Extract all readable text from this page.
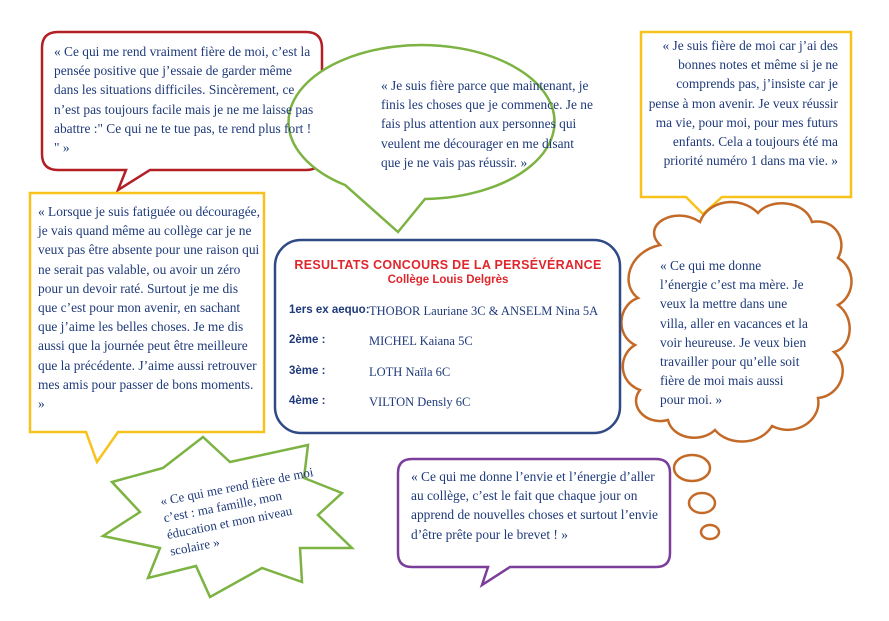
« Ce qui me rend vraiment fière de moi, c’est la pensée positive que j’essaie de garder même dans les situations difficiles. Sincèrement, ce n’est pas toujours facile mais je ne me laisse pas abattre :" Ce qui ne te tue pas, te rend plus fort ! " »

« Je suis fière parce que maintenant, je finis les choses que je commence. Je ne fais plus attention aux personnes qui veulent me décourager en me disant que je ne vais pas réussir. »

« Je suis fière de moi car j’ai des bonnes notes et même si je ne comprends pas, j’insiste car je pense à mon avenir. Je veux réussir ma vie, pour moi, pour mes futurs enfants. Cela a toujours été ma priorité numéro 1 dans ma vie. »

« Lorsque je suis fatiguée ou découragée, je vais quand même au collège car je ne veux pas être absente pour une raison qui ne serait pas valable, ou avoir un zéro pour un devoir raté. Surtout je me dis que c’est pour mon avenir, en sachant que j’aime les belles choses. Je me dis aussi que la journée peut être meilleure que la précédente. J’aime aussi retrouver mes amis pour passer de bons moments. »

« Ce qui me donne l’énergie c’est ma mère. Je veux la mettre dans une villa, aller en vacances et la voir heureuse. Je veux bien travailler pour qu’elle soit fière de moi mais aussi pour moi. »

« Ce qui me rend fière de moi c’est : ma famille, mon éducation et mon niveau scolaire »

« Ce qui me donne l’envie et l’énergie d’aller au collège, c’est le fait que chaque jour on apprend de nouvelles choses et surtout l’envie d’être prête pour le brevet ! »

RESULTATS CONCOURS DE LA PERSÉVÉRANCE
Collège Louis Delgrès
1ers ex aequo: THOBOR Lauriane 3C & ANSELM Nina 5A
2ème :	MICHEL Kaiana 5C
3ème :	LOTH Naïla 6C
4ème :	VILTON Densly 6C
